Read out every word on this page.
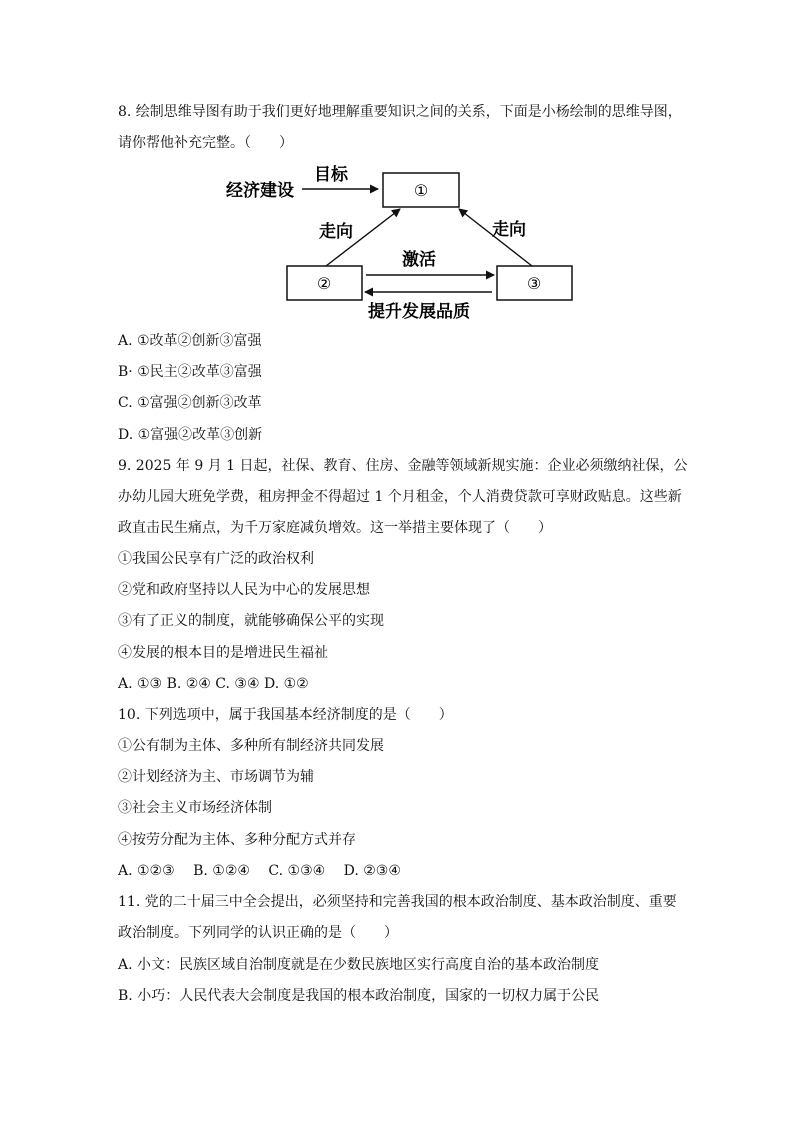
8. 绘制思维导图有助于我们更好地理解重要知识之间的关系，下面是小杨绘制的思维导图，
请你帮他补充完整。（　　）
①
②	③
经济建设
目标
走向	走向
激活
提升发展品质
A. ①改革②创新③富强
B· ①民主②改革③富强
C. ①富强②创新③改革
D. ①富强②改革③创新
9. 2025 年 9 月 1 日起，社保、教育、住房、金融等领域新规实施：企业必须缴纳社保，公
办幼儿园大班免学费，租房押金不得超过 1 个月租金，个人消费贷款可享财政贴息。这些新
政直击民生痛点，为千万家庭减负增效。这一举措主要体现了（　　）
①我国公民享有广泛的政治权利
②党和政府坚持以人民为中心的发展思想
③有了正义的制度，就能够确保公平的实现
④发展的根本目的是增进民生福祉
A. ①③ B. ②④ C. ③④ D. ①②
10. 下列选项中，属于我国基本经济制度的是（　　）
①公有制为主体、多种所有制经济共同发展
②计划经济为主、市场调节为辅
③社会主义市场经济体制
④按劳分配为主体、多种分配方式并存
A. ①②③　 B. ①②④　 C. ①③④　 D. ②③④
11. 党的二十届三中全会提出，必须坚持和完善我国的根本政治制度、基本政治制度、重要
政治制度。下列同学的认识正确的是（　　）
A. 小文：民族区域自治制度就是在少数民族地区实行高度自治的基本政治制度
B. 小巧：人民代表大会制度是我国的根本政治制度，国家的一切权力属于公民
